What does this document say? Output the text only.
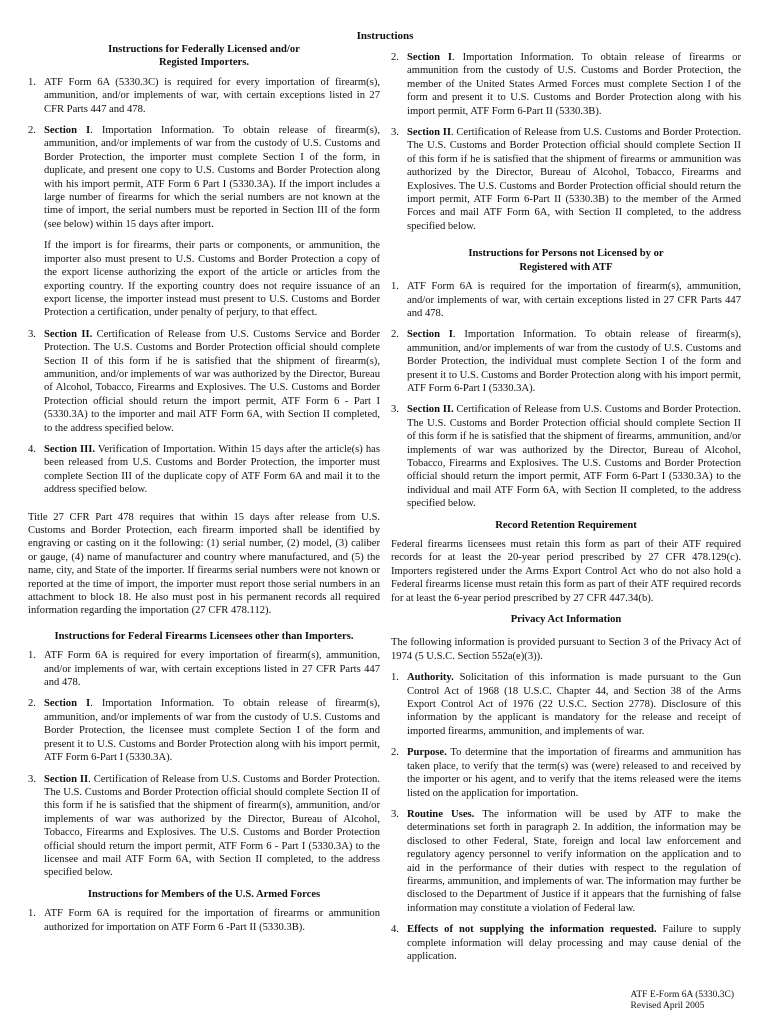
Instructions
Instructions for Federally Licensed and/or Registed Importers.
1. ATF Form 6A (5330.3C) is required for every importation of firearm(s), ammunition, and/or implements of war, with certain exceptions listed in 27 CFR Parts 447 and 478.
2. Section I. Importation Information. To obtain release of firearm(s), ammunition, and/or implements of war from the custody of U.S. Customs and Border Protection, the importer must complete Section I of the form, in duplicate, and present one copy to U.S. Customs and Border Protection along with his import permit, ATF Form 6 Part I (5330.3A). If the import includes a large number of firearms for which the serial numbers are not known at the time of import, the serial numbers must be reported in Section III of the form (see below) within 15 days after import.

If the import is for firearms, their parts or components, or ammunition, the importer also must present to U.S. Customs and Border Protection a copy of the export license authorizing the export of the article or articles from the exporting country. If the exporting country does not require issuance of an export license, the importer instead must present to U.S. Customs and Border Protection a certification, under penalty of perjury, to that effect.

3. Section II. Certification of Release from U.S. Customs Service and Border Protection. The U.S. Customs and Border Protection official should complete Section II of this form if he is satisfied that the shipment of firearm(s), ammunition, and/or implements of war was authorized by the Director, Bureau of Alcohol, Tobacco, Firearms and Explosives. The U.S. Customs and Border Protection official should return the import permit, ATF Form 6 - Part I (5330.3A) to the importer and mail ATF Form 6A, with Section II completed, to the address specified below.
4. Section III. Verification of Importation. Within 15 days after the article(s) has been released from U.S. Customs and Border Protection, the importer must complete Section III of the duplicate copy of ATF Form 6A and mail it to the address specified below.

Title 27 CFR Part 478 requires that within 15 days after release from U.S. Customs and Border Protection, each firearm imported shall be identified by engraving or casting on it the following: (1) serial number, (2) model, (3) caliber or gauge, (4) name of manufacturer and country where manufactured, and (5) the name, city, and State of the importer. If firearms serial numbers were not known or reported at the time of import, the importer must report those serial numbers in an attachment to block 18. He also must post in his permanent records all required information regarding the importation (27 CFR 478.112).

Instructions for Federal Firearms Licensees other than Importers.
1. ATF Form 6A is required for every importation of firearm(s), ammunition, and/or implements of war, with certain exceptions listed in 27 CFR Parts 447 and 478.
2. Section I. Importation Information. To obtain release of firearm(s), ammunition, and/or implements of war from the custody of U.S. Customs and Border Protection, the licensee must complete Section I of the form and present it to U.S. Customs and Border Protection along with his import permit, ATF Form 6-Part I (5330.3A).
3. Section II. Certification of Release from U.S. Customs and Border Protection. The U.S. Customs and Border Protection official should complete Section II of this form if he is satisfied that the shipment of firearm(s), ammunition, and/or implements of war was authorized by the Director, Bureau of Alcohol, Tobacco, Firearms and Explosives. The U.S. Customs and Border Protection official should return the import permit, ATF Form 6 - Part I (5330.3A) to the licensee and mail ATF Form 6A, with Section II completed, to the address specified below.
Instructions for Members of the U.S. Armed Forces
1. ATF Form 6A is required for the importation of firearms or ammunition authorized for importation on ATF Form 6 -Part II (5330.3B).
2. Section I. Importation Information. To obtain release of firearms or ammunition from the custody of U.S. Customs and Border Protection, the member of the United States Armed Forces must complete Section I of the form and present it to U.S. Customs and Border Protection along with his import permit, ATF Form 6-Part II (5330.3B).
3. Section II. Certification of Release from U.S. Customs and Border Protection. The U.S. Customs and Border Protection official should complete Section II of this form if he is satisfied that the shipment of firearms or ammunition was authorized by the Director, Bureau of Alcohol, Tobacco, Firearms and Explosives. The U.S. Customs and Border Protection official should return the import permit, ATF Form 6-Part II (5330.3B) to the member of the Armed Forces and mail ATF Form 6A, with Section II completed, to the address specified below.
Instructions for Persons not Licensed by or Registered with ATF
1. ATF Form 6A is required for the importation of firearm(s), ammunition, and/or implements of war, with certain exceptions listed in 27 CFR Parts 447 and 478.
2. Section I. Importation Information. To obtain release of firearm(s), ammunition, and/or implements of war from the custody of U.S. Customs and Border Protection, the individual must complete Section I of the form and present it to U.S. Customs and Border Protection along with his import permit, ATF Form 6-Part I (5330.3A).
3. Section II. Certification of Release from U.S. Customs and Border Protection. The U.S. Customs and Border Protection official should complete Section II of this form if he is satisfied that the shipment of firearms, ammunition, and/or implements of war was authorized by the Director, Bureau of Alcohol, Tobacco, Firearms and Explosives. The U.S. Customs and Border Protection official should return the import permit, ATF Form 6-Part I (5330.3A) to the individual and mail ATF Form 6A, with Section II completed, to the address specified below.
Record Retention Requirement

Federal firearms licensees must retain this form as part of their ATF required records for at least the 20-year period prescribed by 27 CFR 478.129(c). Importers registered under the Arms Export Control Act who do not also hold a Federal firearms license must retain this form as part of their ATF required records for at least the 6-year period prescribed by 27 CFR 447.34(b).

Privacy Act Information

The following information is provided pursuant to Section 3 of the Privacy Act of 1974 (5 U.S.C. Section 552a(e)(3)).

1. Authority. Solicitation of this information is made pursuant to the Gun Control Act of 1968 (18 U.S.C. Chapter 44, and Section 38 of the Arms Export Control Act of 1976 (22 U.S.C. Section 2778). Disclosure of this information by the applicant is mandatory for the release and receipt of imported firearms, ammunition, and implements of war.
2. Purpose. To determine that the importation of firearms and ammunition has taken place, to verify that the term(s) was (were) released to and received by the importer or his agent, and to verify that the items released were the items listed on the application for importation.
3. Routine Uses. The information will be used by ATF to make the determinations set forth in paragraph 2. In addition, the information may be disclosed to other Federal, State, foreign and local law enforcement and regulatory agency personnel to verify information on the application and to aid in the performance of their duties with respect to the regulation of firearms, ammunition, and implements of war. The information may further be disclosed to the Department of Justice if it appears that the furnishing of false information may constitute a violation of Federal law.
4. Effects of not supplying the information requested. Failure to supply complete information will delay processing and may cause denial of the application.
ATF E-Form 6A (5330.3C)
Revised April 2005
